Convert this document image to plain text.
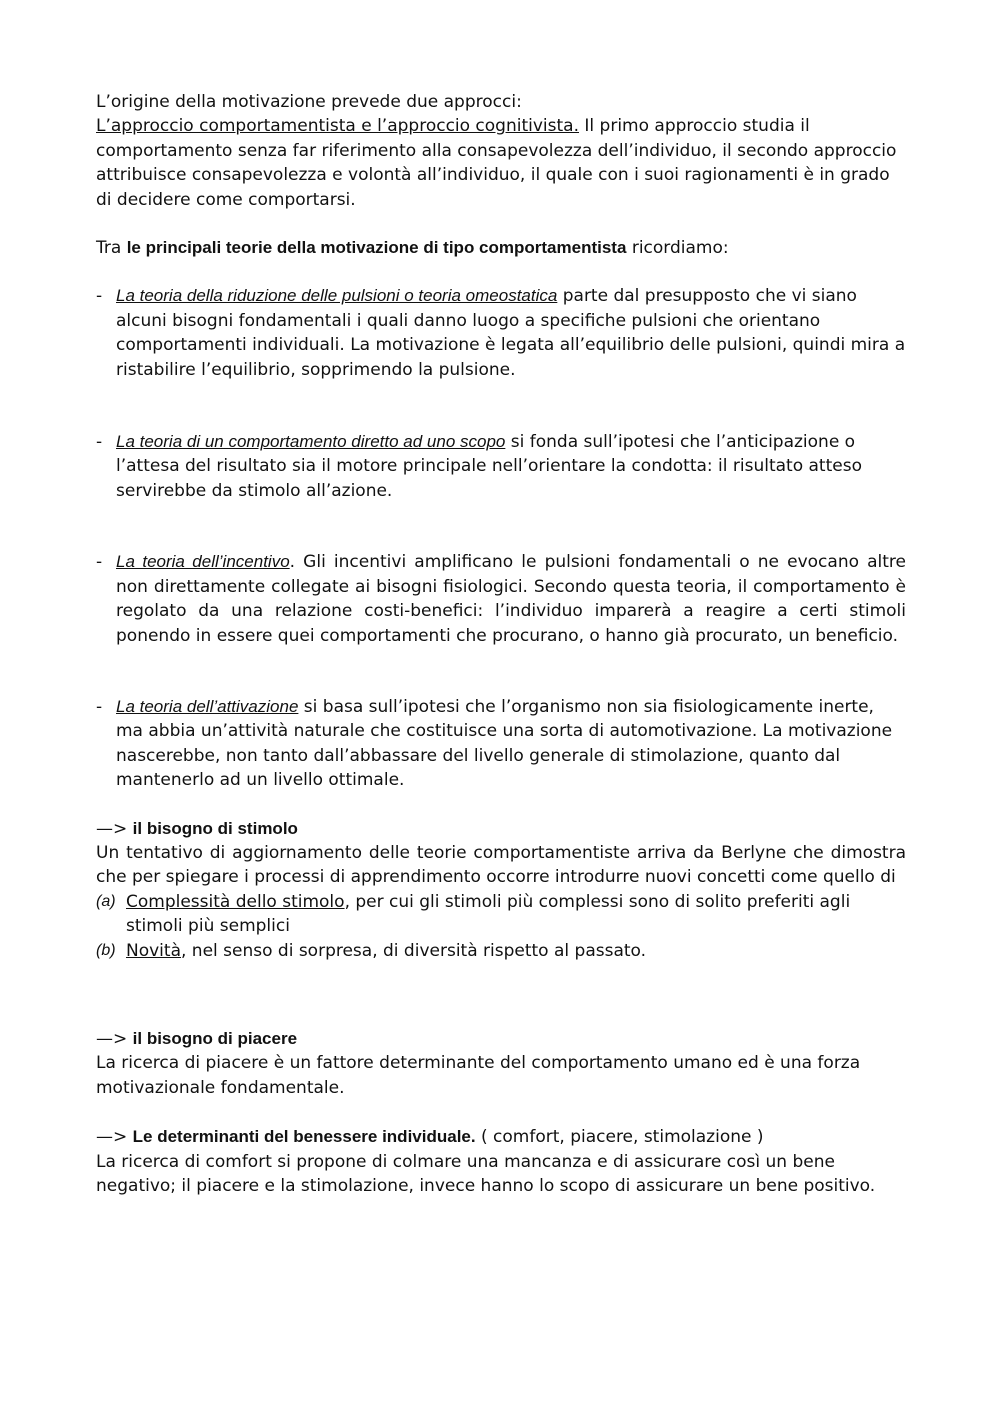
L’origine della motivazione prevede due approcci:

L’approccio comportamentista e l’approccio cognitivista. Il primo approccio studia il comportamento senza far riferimento alla consapevolezza dell’individuo, il secondo approccio attribuisce consapevolezza e volontà all’individuo, il quale con i suoi ragionamenti è in grado di decidere come comportarsi.

Tra le principali teorie della motivazione di tipo comportamentista ricordiamo:

- La teoria della riduzione delle pulsioni o teoria omeostatica parte dal presupposto che vi siano alcuni bisogni fondamentali i quali danno luogo a specifiche pulsioni che orientano comportamenti individuali. La motivazione è legata all’equilibrio delle pulsioni, quindi mira a ristabilire l’equilibrio, sopprimendo la pulsione.
- La teoria di un comportamento diretto ad uno scopo si fonda sull’ipotesi che l’anticipazione o l’attesa del risultato sia il motore principale nell’orientare la condotta: il risultato atteso servirebbe da stimolo all’azione.
- La teoria dell’incentivo. Gli incentivi amplificano le pulsioni fondamentali o ne evocano altre non direttamente collegate ai bisogni fisiologici. Secondo questa teoria, il comportamento è regolato da una relazione costi-benefici: l’individuo imparerà a reagire a certi stimoli ponendo in essere quei comportamenti che procurano, o hanno già procurato, un beneficio.
- La teoria dell’attivazione si basa sull’ipotesi che l’organismo non sia fisiologicamente inerte, ma abbia un’attività naturale che costituisce una sorta di automotivazione. La motivazione nascerebbe, non tanto dall’abbassare del livello generale di stimolazione, quanto dal mantenerlo ad un livello ottimale.

—> il bisogno di stimolo

Un tentativo di aggiornamento delle teorie comportamentiste arriva da Berlyne che dimostra che per spiegare i processi di apprendimento occorre introdurre nuovi concetti come quello di

(a) Complessità dello stimolo, per cui gli stimoli più complessi sono di solito preferiti agli stimoli più semplici
(b) Novità, nel senso di sorpresa, di diversità rispetto al passato.

—> il bisogno di piacere

La ricerca di piacere è un fattore determinante del comportamento umano ed è una forza motivazionale fondamentale.

—> Le determinanti del benessere individuale. ( comfort, piacere, stimolazione )

La ricerca di comfort si propone di colmare una mancanza e di assicurare così un bene negativo; il piacere e la stimolazione, invece hanno lo scopo di assicurare un bene positivo.
